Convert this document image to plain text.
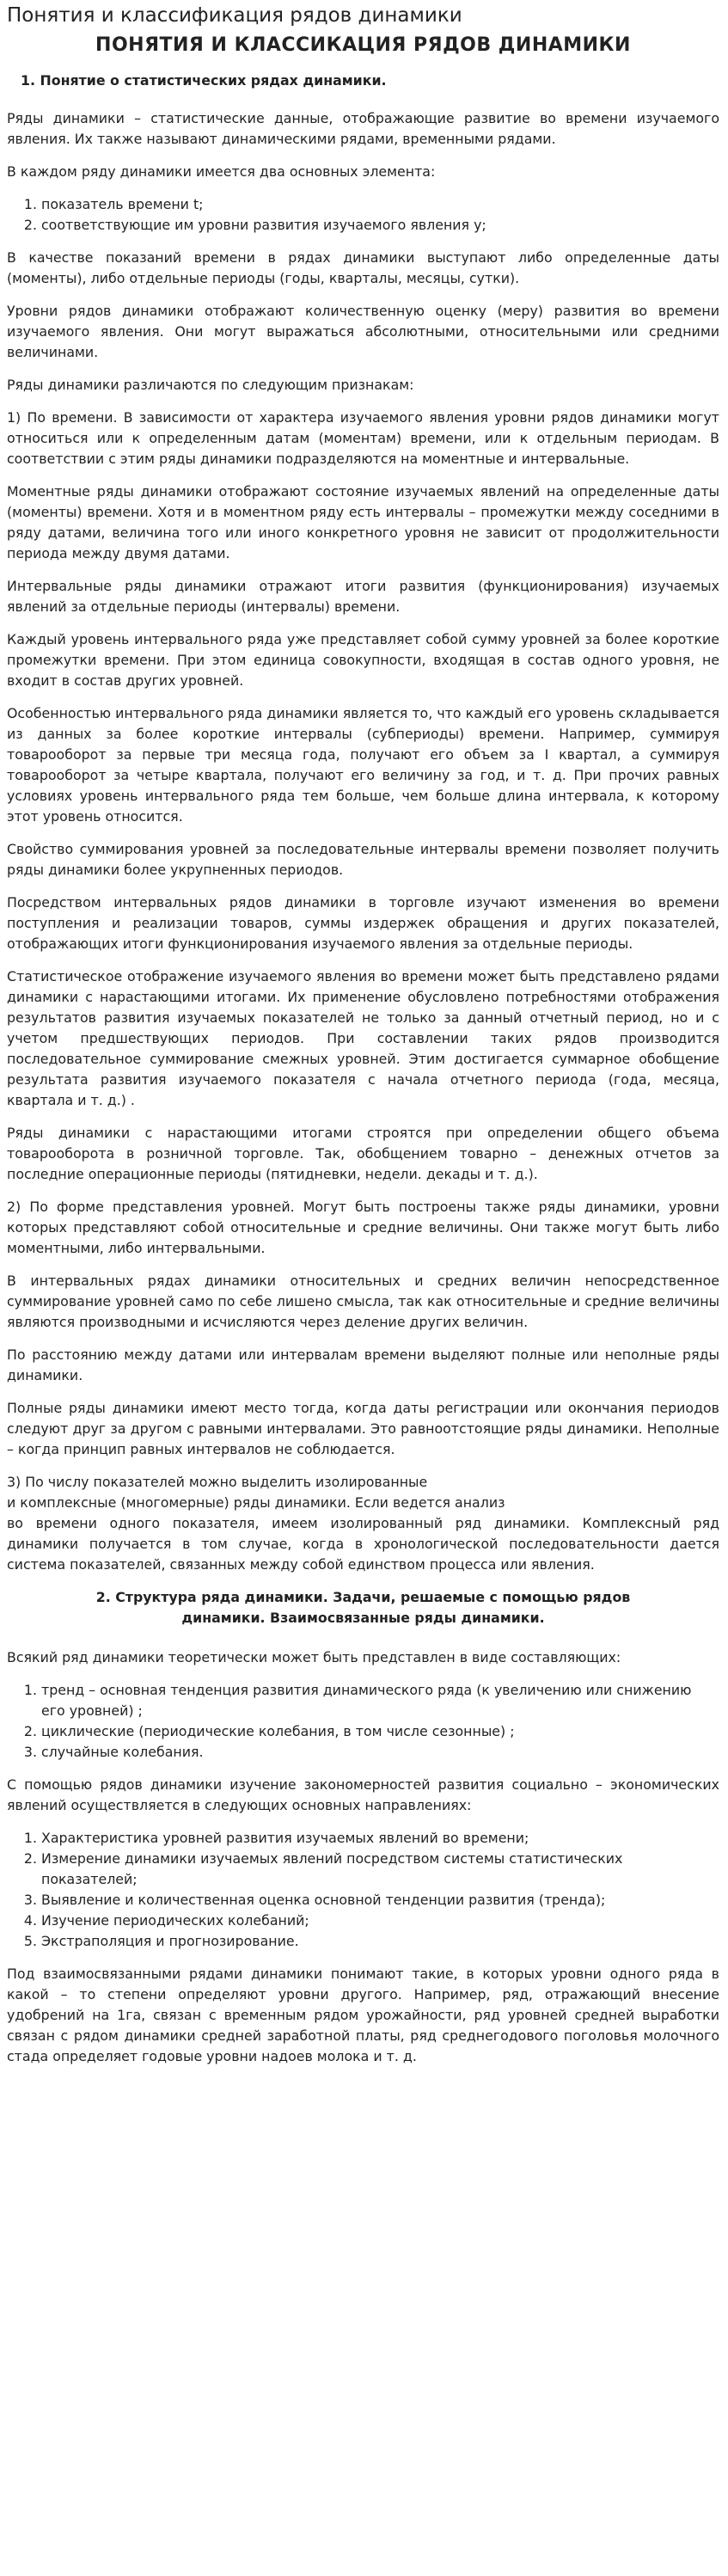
Понятия и классификация рядов динамики
ПОНЯТИЯ И КЛАССИКАЦИЯ РЯДОВ ДИНАМИКИ
1. Понятие о статистических рядах динамики.

Ряды динамики – статистические данные, отображающие развитие во времени изучаемого явления. Их также называют динамическими рядами, временными рядами.

В каждом ряду динамики имеется два основных элемента:

1. показатель времени t;
2. соответствующие им уровни развития изучаемого явления y;

В качестве показаний времени в рядах динамики выступают либо определенные даты (моменты), либо отдельные периоды (годы, кварталы, месяцы, сутки).

Уровни рядов динамики отображают количественную оценку (меру) развития во времени изучаемого явления. Они могут выражаться абсолютными, относительными или средними величинами.

Ряды динамики различаются по следующим признакам:

1) По времени. В зависимости от характера изучаемого явления уровни рядов динамики могут относиться или к определенным датам (моментам) времени, или к отдельным периодам. В соответствии с этим ряды динамики подразделяются на моментные и интервальные.

Моментные ряды динамики отображают состояние изучаемых явлений на определенные даты (моменты) времени. Хотя и в моментном ряду есть интервалы – промежутки между соседними в ряду датами, величина того или иного конкретного уровня не зависит от продолжительности периода между двумя датами.

Интервальные ряды динамики отражают итоги развития (функционирования) изучаемых явлений за отдельные периоды (интервалы) времени.

Каждый уровень интервального ряда уже представляет собой сумму уровней за более короткие промежутки времени. При этом единица совокупности, входящая в состав одного уровня, не входит в состав других уровней.

Особенностью интервального ряда динамики является то, что каждый его уровень складывается из данных за более короткие интервалы (субпериоды) времени. Например, суммируя товарооборот за первые три месяца года, получают его объем за I квартал, а суммируя товарооборот за четыре квартала, получают его величину за год, и т. д. При прочих равных условиях уровень интервального ряда тем больше, чем больше длина интервала, к которому этот уровень относится.

Свойство суммирования уровней за последовательные интервалы времени позволяет получить ряды динамики более укрупненных периодов.

Посредством интервальных рядов динамики в торговле изучают изменения во времени поступления и реализации товаров, суммы издержек обращения и других показателей, отображающих итоги функционирования изучаемого явления за отдельные периоды.

Статистическое отображение изучаемого явления во времени может быть представлено рядами динамики с нарастающими итогами. Их применение обусловлено потребностями отображения результатов развития изучаемых показателей не только за данный отчетный период, но и с учетом предшествующих периодов. При составлении таких рядов производится последовательное суммирование смежных уровней. Этим достигается суммарное обобщение результата развития изучаемого показателя с начала отчетного периода (года, месяца, квартала и т. д.) .

Ряды динамики с нарастающими итогами строятся при определении общего объема товарооборота в розничной торговле. Так, обобщением товарно – денежных отчетов за последние операционные периоды (пятидневки, недели. декады и т. д.).

2) По форме представления уровней. Могут быть построены также ряды динамики, уровни которых представляют собой относительные и средние величины. Они также могут быть либо моментными, либо интервальными.

В интервальных рядах динамики относительных и средних величин непосредственное суммирование уровней само по себе лишено смысла, так как относительные и средние величины являются производными и исчисляются через деление других величин.

По расстоянию между датами или интервалам времени выделяют полные или неполные ряды динамики.

Полные ряды динамики имеют место тогда, когда даты регистрации или окончания периодов следуют друг за другом с равными интервалами. Это равноотстоящие ряды динамики. Неполные – когда принцип равных интервалов не соблюдается.

3) По числу показателей можно выделить изолированные
и комплексные (многомерные) ряды динамики. Если ведется анализ
во времени одного показателя, имеем изолированный ряд динамики. Комплексный ряд динамики получается в том случае, когда в хронологической последовательности дается система показателей, связанных между собой единством процесса или явления.

2. Структура ряда динамики. Задачи, решаемые с помощью рядов динамики. Взаимосвязанные ряды динамики.

Всякий ряд динамики теоретически может быть представлен в виде составляющих:

1. тренд – основная тенденция развития динамического ряда (к увеличению или снижению его уровней) ;
2. циклические (периодические колебания, в том числе сезонные) ;
3. случайные колебания.

С помощью рядов динамики изучение закономерностей развития социально – экономических явлений осуществляется в следующих основных направлениях:

1. Характеристика уровней развития изучаемых явлений во времени;
2. Измерение динамики изучаемых явлений посредством системы статистических показателей;
3. Выявление и количественная оценка основной тенденции развития (тренда);
4. Изучение периодических колебаний;
5. Экстраполяция и прогнозирование.

Под взаимосвязанными рядами динамики понимают такие, в которых уровни одного ряда в какой – то степени определяют уровни другого. Например, ряд, отражающий внесение удобрений на 1га, связан с временным рядом урожайности, ряд уровней средней выработки связан с рядом динамики средней заработной платы, ряд среднегодового поголовья молочного стада определяет годовые уровни надоев молока и т. д.
